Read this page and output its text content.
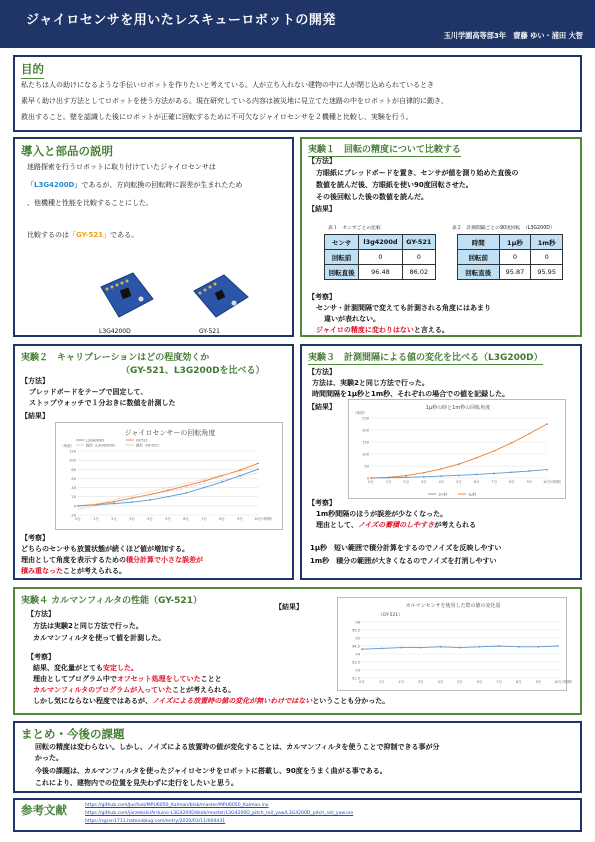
ジャイロセンサを用いたレスキューロボットの開発
玉川学園高等部3年　齋藤 ゆい・浦田 大智
目的
私たちは人の助けになるような手伝いロボットを作りたいと考えている。人が立ち入れない建物の中に人が閉じ込められているとき
素早く助け出す方法としてロボットを使う方法がある。現在研究している内容は被災地に見立てた迷路の中をロボットが自律的に動き、
救出すること。壁を認識した後にロボットが正確に回転するために不可欠なジャイロセンサを２機種と比較し、実験を行う。
導入と部品の説明
迷路探索を行うロボットに取り付けていたジャイロセンサは
「L3G4200D」であるが、方向転換の回転時に誤差が生まれたため
、他機種と性能を比較することにした。
比較するのは「GY-521」である。
L3G4200D	GY-521
実験１　回転の精度について比較する
【方法】
方眼紙にブレッドボードを置き、センサが値を測り始めた直後の
数値を読んだ後、方眼紙を使い90度回転させた。
その後回転した後の数値を読んだ。
【結果】
表１　センサごとの比較
センサ	l3g4200d	GY-521
回転前	0	0
回転直後	96.48	86.02
表２　計測間隔ごとの90度回転　（L3G200D）
時間	1μ秒	1m秒
回転前	0	0
回転直後	95.87	95.95
【考察】
センサ・計測間隔で変えても計測される角度にはあまり
違いが表れない。
ジャイロの精度に変わりはないと言える。
実験２　キャリブレーションはどの程度効くか
（GY-521、L3G200Dを比べる）
【方法】
ブレッドボードをテープで固定して、
ストップウォッチで１分おきに数値を計測した
【結果】
ジャイロセンサーの回転角度
-20
0
20
40
60
80
100
120
0分	1分	2分	3分	4分	5分	6分	7分	8分	9分	10分
（角度）
（時間）
L3G4200D	GY-521
線形（L3G4200D）	線形（GY-521）
【考察】
どちらのセンサも放置状態が続くほど値が増加する。
理由として角度を表示するための積分計算で小さな誤差が
積み重なったことが考えられる。
実験３　計測間隔による値の変化を比べる（L3G200D）
【方法】
方法は、実験2と同じ方法で行った。
時間間隔を1μ秒と1m秒、それぞれの場合での値を記録した。
【結果】	1μ秒の時と1m秒の回転角度
0
50
100
150
200
250
0分	1分	2分	3分	4分	5分	6分	7分	8分	9分	10分
（角度）
（時間）
1m秒	1μ秒
【考察】
1m秒間隔のほうが誤差が少なくなった。
理由として、ノイズの蓄積のしやすさが考えられる
1μ秒　短い範囲で積分計算をするのでノイズを反映しやすい
1m秒　積分の範囲が大きくなるのでノイズを打消しやすい
実験４ カルマンフィルタの性能（GY-521）
【結果】
【方法】
方法は実験2と同じ方法で行った。
カルマンフィルタを使って値を計測した。
【考察】
結果、変化量がとても安定した。
理由としてプログラム中でオフセット処理をしていたことと
カルマンフィルタのプログラムが入っていたことが考えられる。
しかし気にならない程度ではあるが、ノイズによる放置時の値の変化が無いわけではないということも分かった。
カルマンセンサを使用した際の値の変化量
（GY-521）
92.5
93
93.5
94
94.5
95
95.5
96
0分	1分	2分	3分	4分	5分	6分	7分	8分	9分	10分
（時間）
まとめ・今後の課題
回転の精度は変わらない。しかし、ノイズによる放置時の値が変化することは、カルマンフィルタを使うことで抑制できる事が分
かった。
今後の課題は、カルマンフィルタを使ったジャイロセンサをロボットに搭載し、90度をうまく曲がる事である。
これにより、建物内での位置を見失わずに走行をしたいと思う。
参考文献	https://github.com/Junfoot/MPU6050_Kalman/blob/master/MPU6050_Kalman.ino
https://github.com/jarzebski/Arduino-L3G4200D/blob/master/L3G4200D_pitch_roll_yaw/L3G4200D_pitch_roll_yaw.ino
https://sgrsn1711.hatenablog.com/entry/2020/03/11/004431
